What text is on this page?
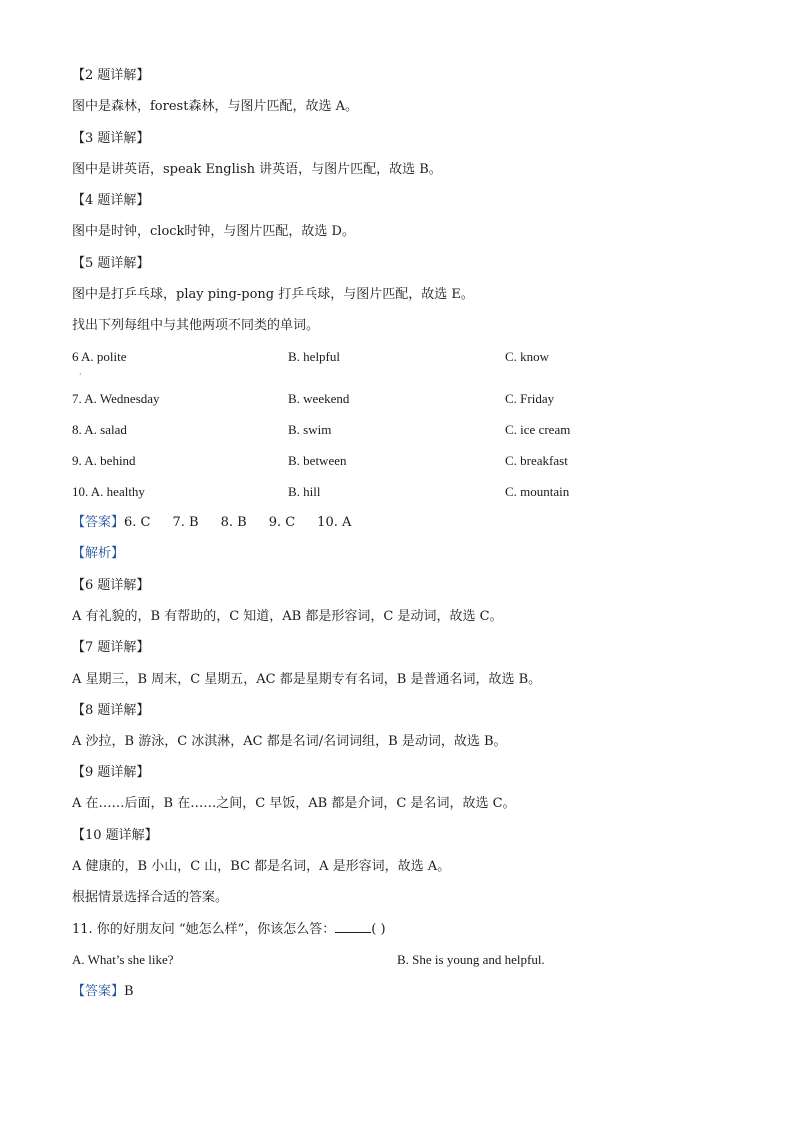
【2 题详解】
图中是森林，forest森林，与图片匹配，故选 A。
【3 题详解】
图中是讲英语，speak English 讲英语，与图片匹配，故选 B。
【4 题详解】
图中是时钟，clock时钟，与图片匹配，故选 D。
【5 题详解】
图中是打乒乓球，play ping-pong 打乒乓球，与图片匹配，故选 E。
找出下列每组中与其他两项不同类的单词。
6 A. polite	B. helpful	C. know
·
7. A. Wednesday	B. weekend	C. Friday
8. A. salad	B. swim	C. ice cream
9. A. behind	B. between	C. breakfast
10. A. healthy	B. hill	C. mountain
【答案】6. C 7. B 8. B 9. C 10. A
【解析】
【6 题详解】
A 有礼貌的，B 有帮助的，C 知道，AB 都是形容词，C 是动词，故选 C。
【7 题详解】
A 星期三，B 周末，C 星期五，AC 都是星期专有名词，B 是普通名词，故选 B。
【8 题详解】
A 沙拉，B 游泳，C 冰淇淋，AC 都是名词/名词词组，B 是动词，故选 B。
【9 题详解】
A 在……后面，B 在……之间，C 早饭，AB 都是介词，C 是名词，故选 C。
【10 题详解】
A 健康的，B 小山，C 山，BC 都是名词，A 是形容词，故选 A。
根据情景选择合适的答案。
11. 你的好朋友问 “她怎么样”，你该怎么答：	( )
A. What’s she like?	B. She is young and helpful.
【答案】B
